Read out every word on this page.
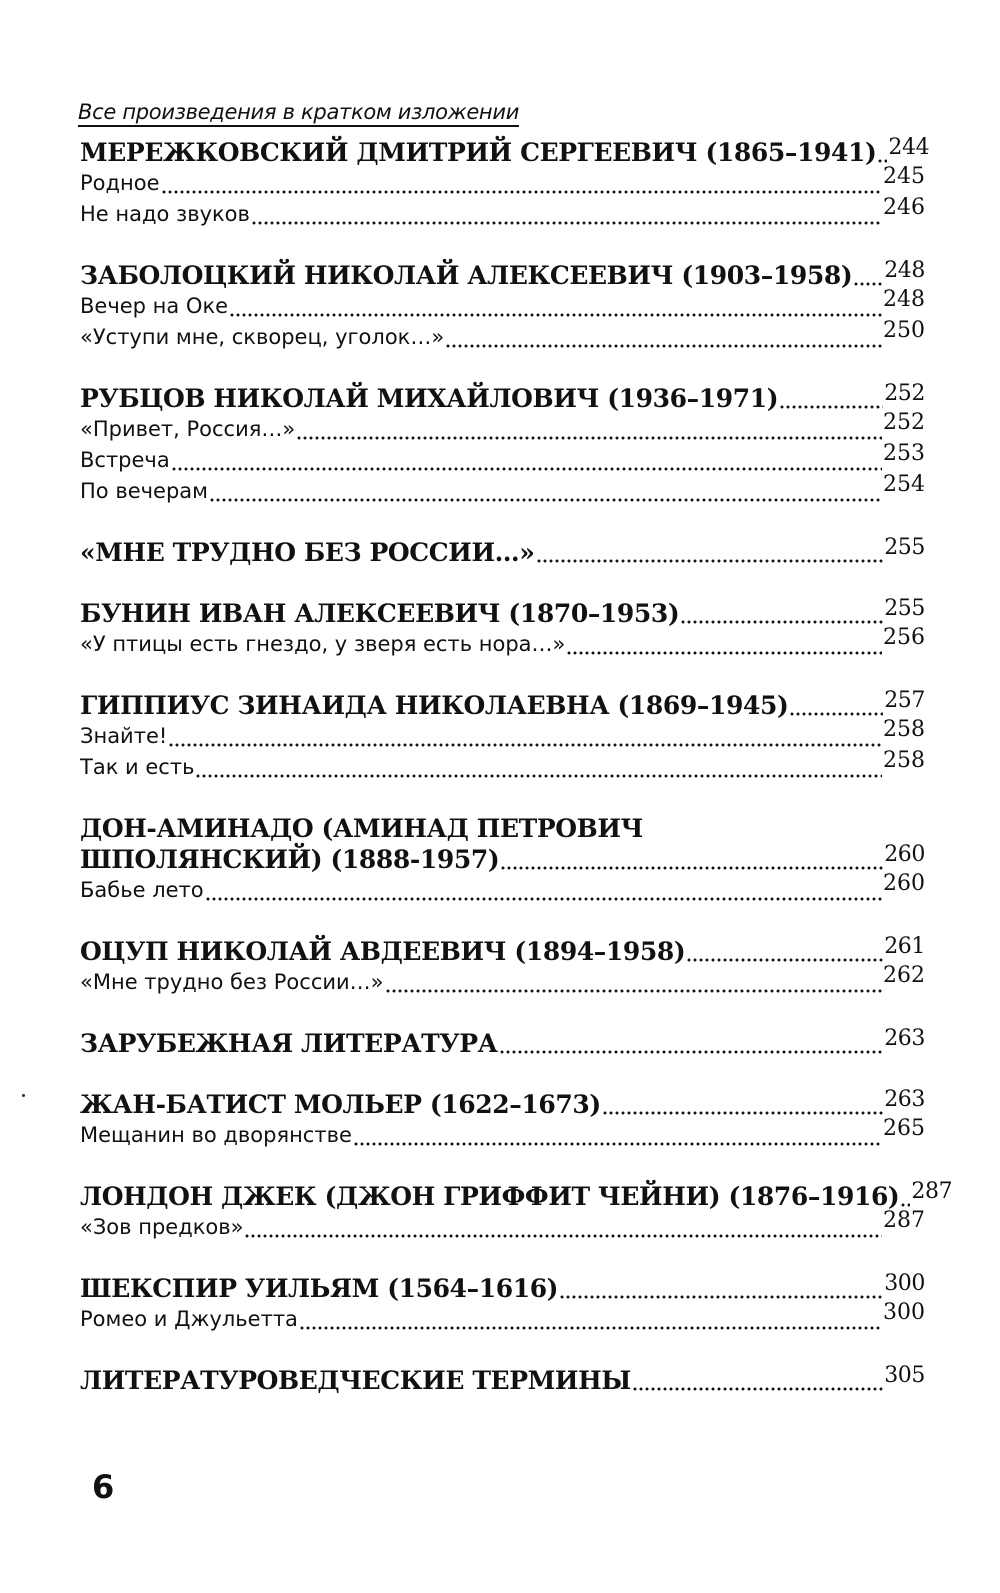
Все произведения в кратком изложении
МЕРЕЖКОВСКИЙ ДМИТРИЙ СЕРГЕЕВИЧ (1865–1941) 244
Родное	245
Не надо звуков	246
ЗАБОЛОЦКИЙ НИКОЛАЙ АЛЕКСЕЕВИЧ (1903–1958) 248
Вечер на Оке	248
«Уступи мне, скворец, уголок…»	250
РУБЦОВ НИКОЛАЙ МИХАЙЛОВИЧ (1936–1971)	252
«Привет, Россия…»	252
Встреча	253
По вечерам	254
«МНЕ ТРУДНО БЕЗ РОССИИ…»	255
БУНИН ИВАН АЛЕКСЕЕВИЧ (1870–1953)	255
«У птицы есть гнездо, у зверя есть нора…»	256
ГИППИУС ЗИНАИДА НИКОЛАЕВНА (1869–1945)	257
Знайте!	258
Так и есть	258
ДОН-АМИНАДО (АМИНАД ПЕТРОВИЧ
ШПОЛЯНСКИЙ) (1888-1957)	260
Бабье лето	260
ОЦУП НИКОЛАЙ АВДЕЕВИЧ (1894–1958)	261
«Мне трудно без России…»	262
ЗАРУБЕЖНАЯ ЛИТЕРАТУРА	263
ЖАН-БАТИСТ МОЛЬЕР (1622–1673)	263
Мещанин во дворянстве	265
ЛОНДОН ДЖЕК (ДЖОН ГРИФФИТ ЧЕЙНИ) (1876–1916) 287
«Зов предков»	287
ШЕКСПИР УИЛЬЯМ (1564–1616)	300
Ромео и Джульетта	300
ЛИТЕРАТУРОВЕДЧЕСКИЕ ТЕРМИНЫ	305
6
